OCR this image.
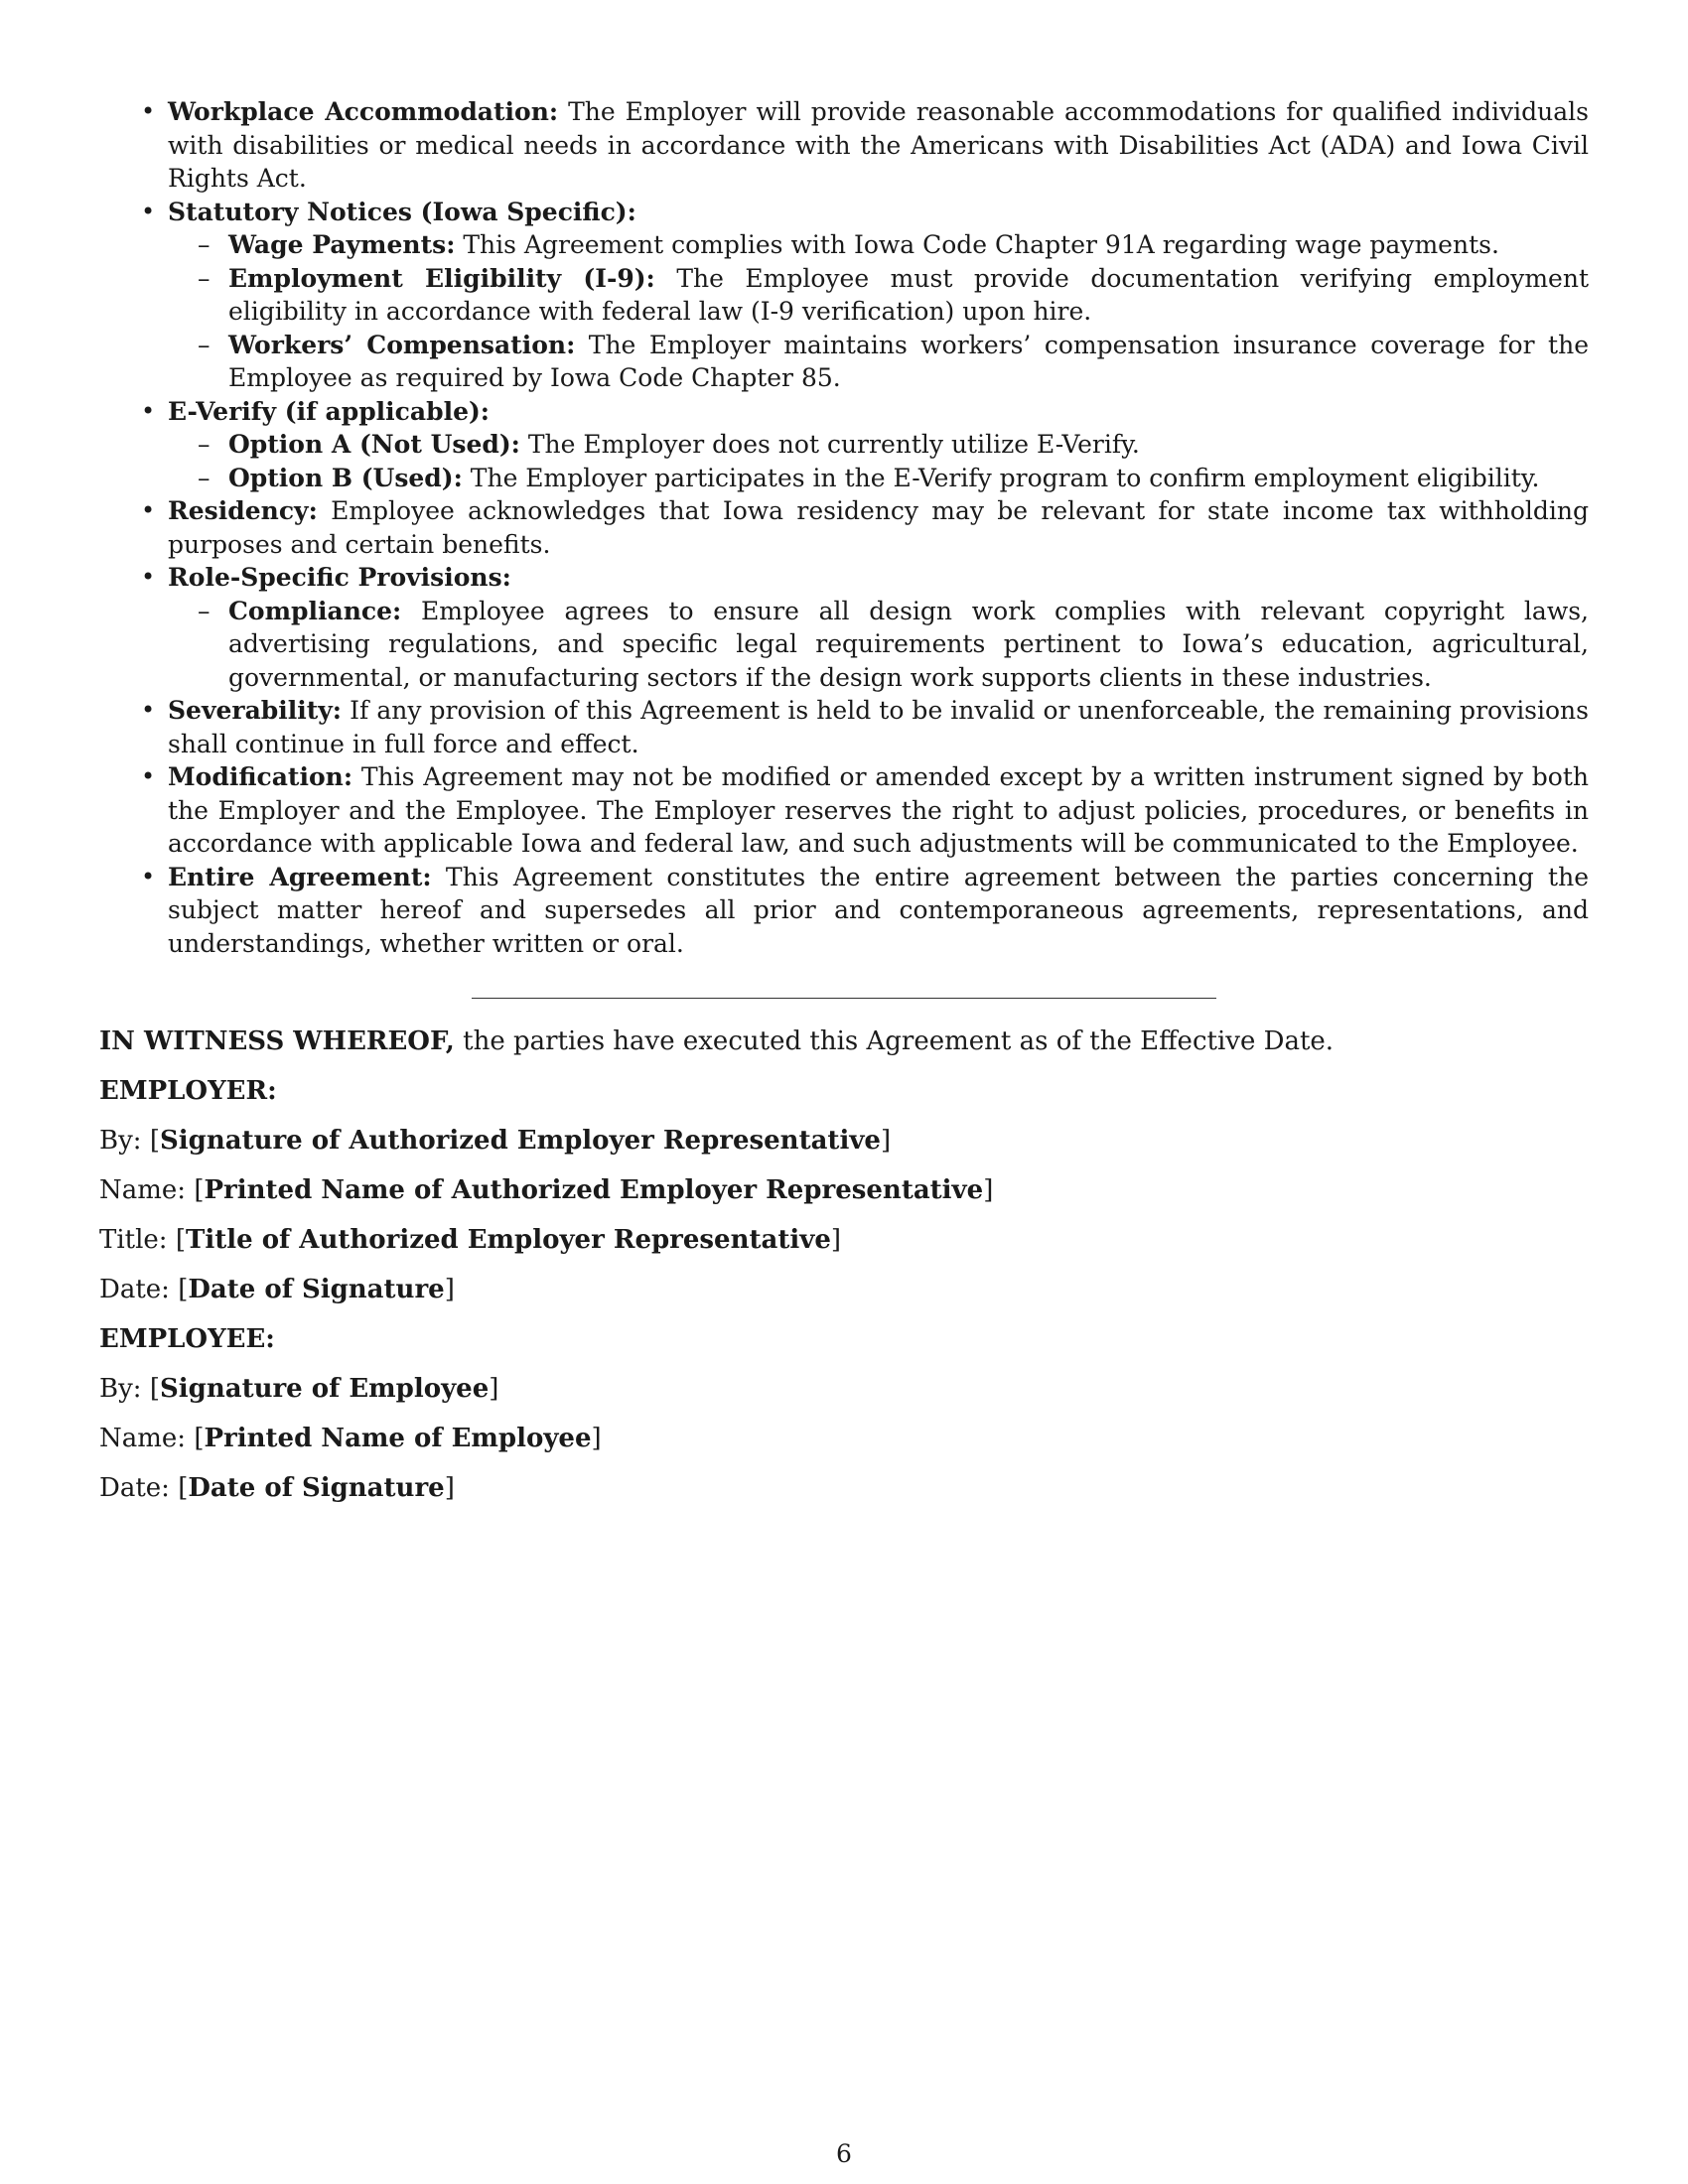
• Workplace Accommodation: The Employer will provide reasonable accommodations for qualified individuals with disabilities or medical needs in accordance with the Americans with Disabilities Act (ADA) and Iowa Civil Rights Act.
• Statutory Notices (Iowa Specific):
– Wage Payments: This Agreement complies with Iowa Code Chapter 91A regarding wage payments.
– Employment Eligibility (I-9): The Employee must provide documentation verifying employment eligibility in accordance with federal law (I-9 verification) upon hire.
– Workers’ Compensation: The Employer maintains workers’ compensation insurance coverage for the Employee as required by Iowa Code Chapter 85.
• E-Verify (if applicable):
– Option A (Not Used): The Employer does not currently utilize E-Verify.
– Option B (Used): The Employer participates in the E-Verify program to confirm employment eligibility.
• Residency: Employee acknowledges that Iowa residency may be relevant for state income tax withholding purposes and certain benefits.
• Role-Specific Provisions:
– Compliance: Employee agrees to ensure all design work complies with relevant copyright laws, advertising regulations, and specific legal requirements pertinent to Iowa’s education, agricultural, governmental, or manufacturing sectors if the design work supports clients in these industries.
• Severability: If any provision of this Agreement is held to be invalid or unenforceable, the remaining provisions shall continue in full force and effect.
• Modification: This Agreement may not be modified or amended except by a written instrument signed by both the Employer and the Employee. The Employer reserves the right to adjust policies, procedures, or benefits in accordance with applicable Iowa and federal law, and such adjustments will be communicated to the Employee.
• Entire Agreement: This Agreement constitutes the entire agreement between the parties concerning the subject matter hereof and supersedes all prior and contemporaneous agreements, representations, and understandings, whether written or oral.

IN WITNESS WHEREOF, the parties have executed this Agreement as of the Effective Date.

EMPLOYER:

By: [Signature of Authorized Employer Representative]

Name: [Printed Name of Authorized Employer Representative]

Title: [Title of Authorized Employer Representative]

Date: [Date of Signature]

EMPLOYEE:

By: [Signature of Employee]

Name: [Printed Name of Employee]

Date: [Date of Signature]

6
